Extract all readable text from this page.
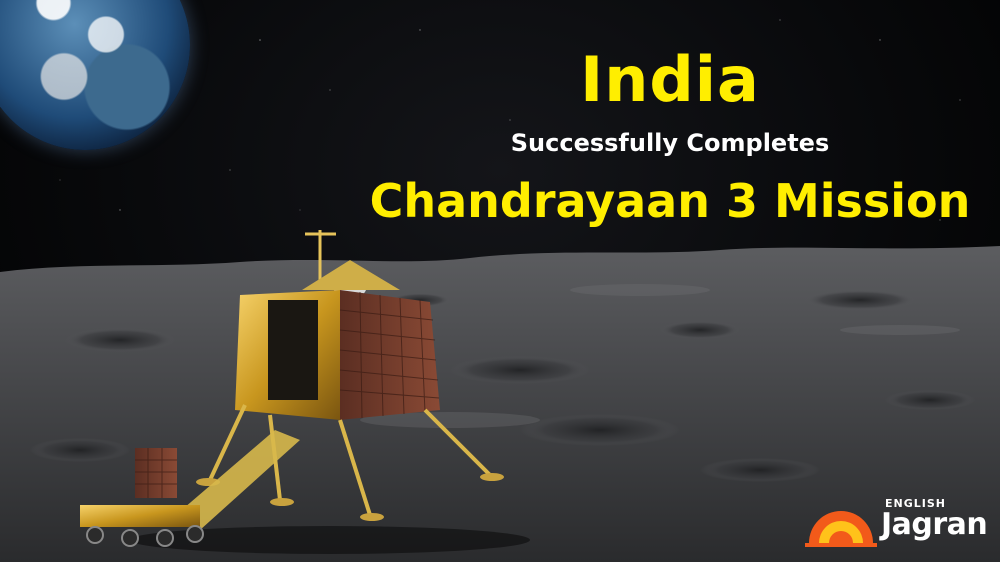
India
Successfully Completes
Chandrayaan 3 Mission
ENGLISH
Jagran
